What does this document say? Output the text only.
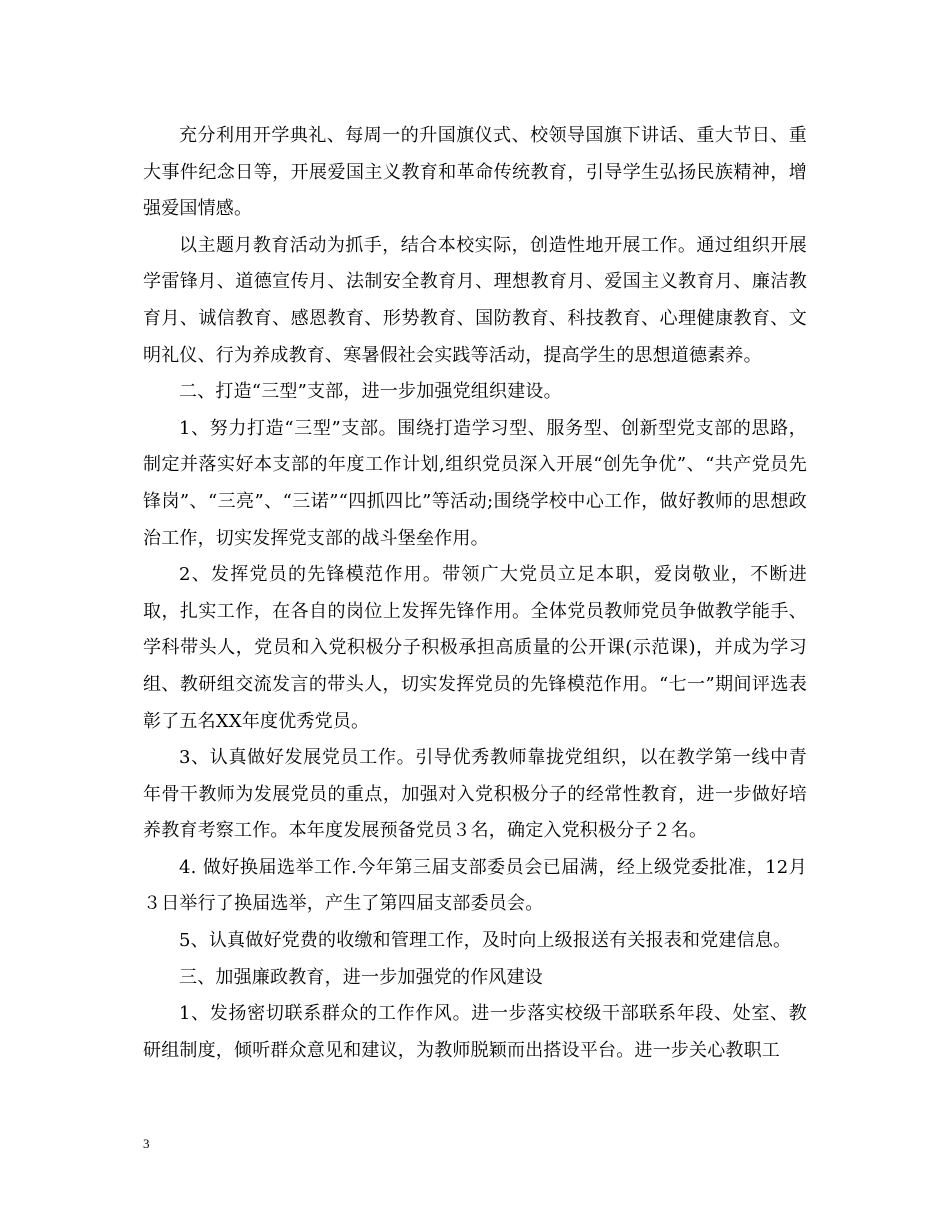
充分利用开学典礼、每周一的升国旗仪式、校领导国旗下讲话、重大节日、重大事件纪念日等，开展爱国主义教育和革命传统教育，引导学生弘扬民族精神，增强爱国情感。

以主题月教育活动为抓手，结合本校实际，创造性地开展工作。通过组织开展学雷锋月、道德宣传月、法制安全教育月、理想教育月、爱国主义教育月、廉洁教育月、诚信教育、感恩教育、形势教育、国防教育、科技教育、心理健康教育、文明礼仪、行为养成教育、寒暑假社会实践等活动，提高学生的思想道德素养。

二、打造“三型”支部，进一步加强党组织建设。

1、努力打造“三型”支部。围绕打造学习型、服务型、创新型党支部的思路，制定并落实好本支部的年度工作计划,组织党员深入开展“创先争优”、“共产党员先锋岗”、“三亮”、“三诺”“四抓四比”等活动;围绕学校中心工作，做好教师的思想政治工作，切实发挥党支部的战斗堡垒作用。

2、发挥党员的先锋模范作用。带领广大党员立足本职，爱岗敬业，不断进取，扎实工作，在各自的岗位上发挥先锋作用。全体党员教师党员争做教学能手、学科带头人，党员和入党积极分子积极承担高质量的公开课(示范课)，并成为学习组、教研组交流发言的带头人，切实发挥党员的先锋模范作用。“七一”期间评选表彰了五名XX年度优秀党员。

3、认真做好发展党员工作。引导优秀教师靠拢党组织，以在教学第一线中青年骨干教师为发展党员的重点，加强对入党积极分子的经常性教育，进一步做好培养教育考察工作。本年度发展预备党员３名，确定入党积极分子２名。

4. 做好换届选举工作.今年第三届支部委员会已届满，经上级党委批准，12月３日举行了换届选举，产生了第四届支部委员会。

5、认真做好党费的收缴和管理工作，及时向上级报送有关报表和党建信息。

三、加强廉政教育，进一步加强党的作风建设

1、发扬密切联系群众的工作作风。进一步落实校级干部联系年段、处室、教研组制度，倾听群众意见和建议，为教师脱颖而出搭设平台。进一步关心教职工

3
